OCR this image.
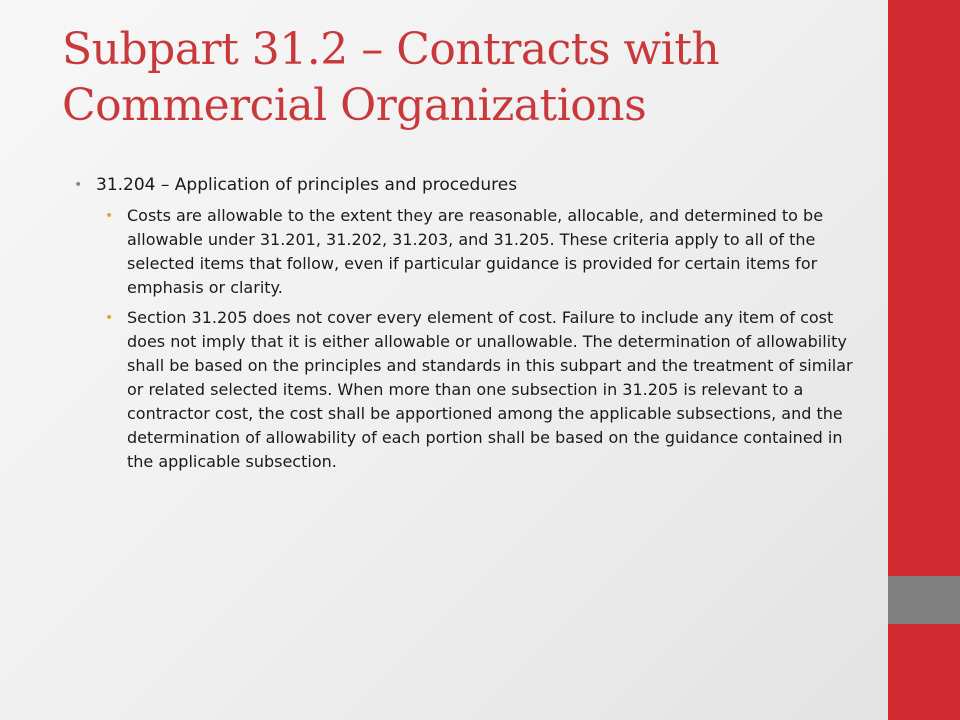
Subpart 31.2 – Contracts with Commercial Organizations
• 31.204 – Application of principles and procedures
• Costs are allowable to the extent they are reasonable, allocable, and determined to be allowable under 31.201, 31.202, 31.203, and 31.205. These criteria apply to all of the selected items that follow, even if particular guidance is provided for certain items for emphasis or clarity.
• Section 31.205 does not cover every element of cost. Failure to include any item of cost does not imply that it is either allowable or unallowable. The determination of allowability shall be based on the principles and standards in this subpart and the treatment of similar or related selected items. When more than one subsection in 31.205 is relevant to a contractor cost, the cost shall be apportioned among the applicable subsections, and the determination of allowability of each portion shall be based on the guidance contained in the applicable subsection.
